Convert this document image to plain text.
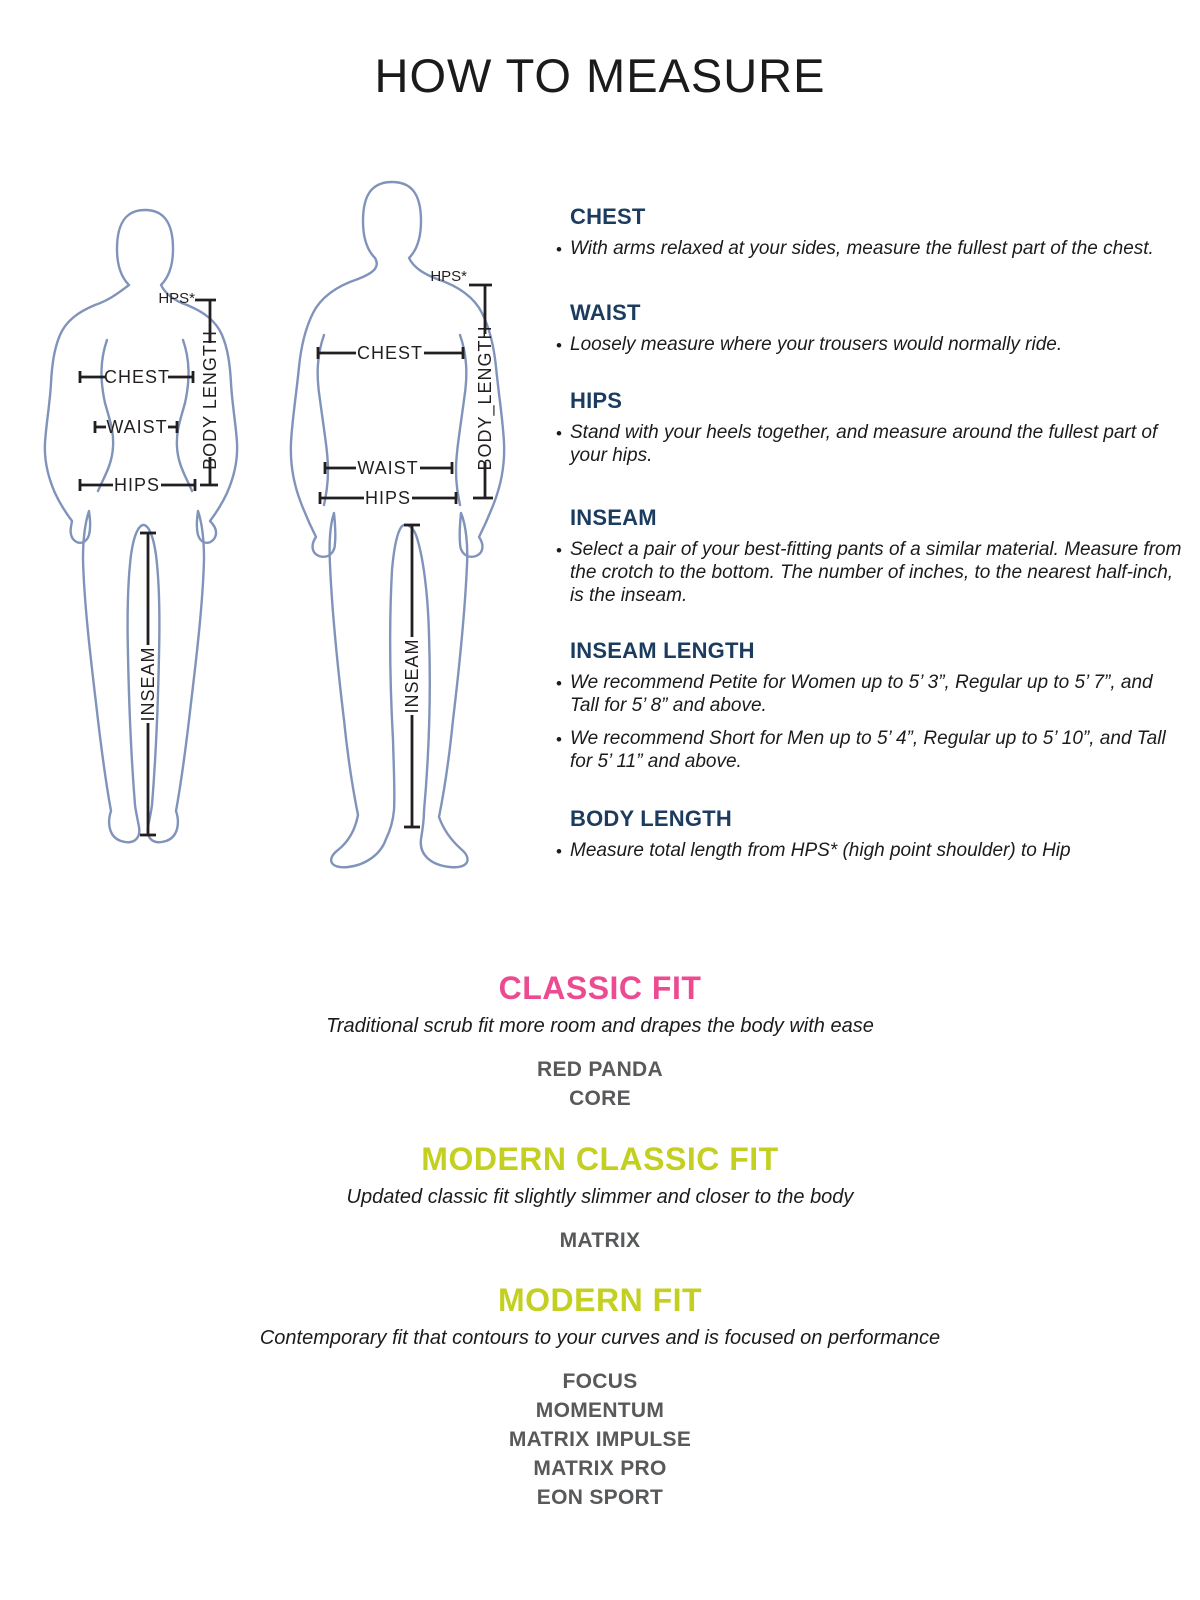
HOW TO MEASURE
HPS*
BODY LENGTH
CHEST
WAIST
HIPS
INSEAM
HPS*
BODY_LENGTH
CHEST
WAIST
HIPS
INSEAM
CHEST

• With arms relaxed at your sides, measure the fullest part of the chest.

WAIST

• Loosely measure where your trousers would normally ride.

HIPS

• Stand with your heels together, and measure around the fullest part of your hips.

INSEAM

• Select a pair of your best-fitting pants of a similar material. Measure from the crotch to the bottom. The number of inches, to the nearest half-inch, is the inseam.

INSEAM LENGTH

• We recommend Petite for Women up to 5’ 3”, Regular up to 5’ 7”, and Tall for 5’ 8” and above.

• We recommend Short for Men up to 5’ 4”, Regular up to 5’ 10”, and Tall for 5’ 11” and above.

BODY LENGTH

• Measure total length from HPS* (high point shoulder) to Hip

CLASSIC FIT

Traditional scrub fit more room and drapes the body with ease

RED PANDA
CORE
MODERN CLASSIC FIT

Updated classic fit slightly slimmer and closer to the body

MATRIX
MODERN FIT

Contemporary fit that contours to your curves and is focused on performance

FOCUS
MOMENTUM
MATRIX IMPULSE
MATRIX PRO
EON SPORT
